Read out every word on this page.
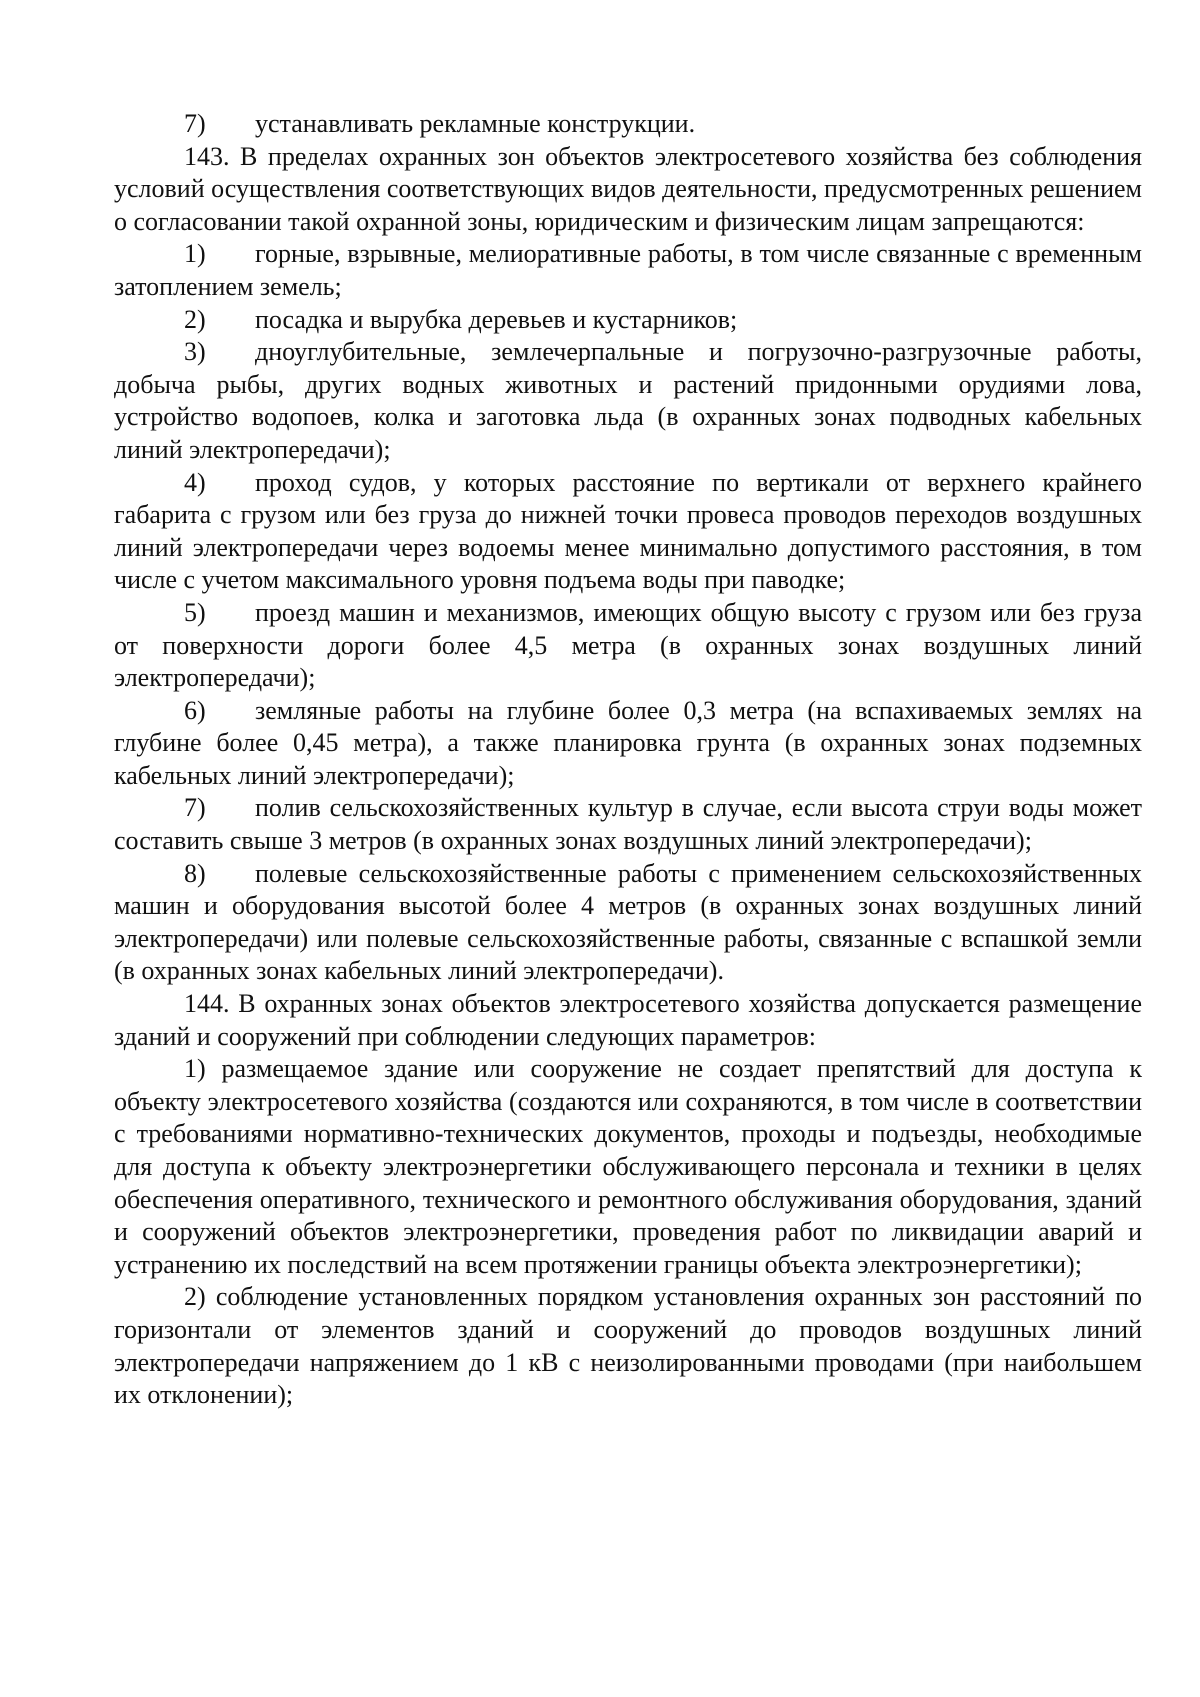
7) устанавливать рекламные конструкции.

143. В пределах охранных зон объектов электросетевого хозяйства без соблюдения условий осуществления соответствующих видов деятельности, предусмотренных решением о согласовании такой охранной зоны, юридическим и физическим лицам запрещаются:

1) горные, взрывные, мелиоративные работы, в том числе связанные с временным затоплением земель;

2) посадка и вырубка деревьев и кустарников;

3) дноуглубительные, землечерпальные и погрузочно-разгрузочные работы, добыча рыбы, других водных животных и растений придонными орудиями лова, устройство водопоев, колка и заготовка льда (в охранных зонах подводных кабельных линий электропередачи);

4) проход судов, у которых расстояние по вертикали от верхнего крайнего габарита с грузом или без груза до нижней точки провеса проводов переходов воздушных линий электропередачи через водоемы менее минимально допустимого расстояния, в том числе с учетом максимального уровня подъема воды при паводке;

5) проезд машин и механизмов, имеющих общую высоту с грузом или без груза от поверхности дороги более 4,5 метра (в охранных зонах воздушных линий электропередачи);

6) земляные работы на глубине более 0,3 метра (на вспахиваемых землях на глубине более 0,45 метра), а также планировка грунта (в охранных зонах подземных кабельных линий электропередачи);

7) полив сельскохозяйственных культур в случае, если высота струи воды может составить свыше 3 метров (в охранных зонах воздушных линий электропередачи);

8) полевые сельскохозяйственные работы с применением сельскохозяйственных машин и оборудования высотой более 4 метров (в охранных зонах воздушных линий электропередачи) или полевые сельскохозяйственные работы, связанные с вспашкой земли (в охранных зонах кабельных линий электропередачи).

144. В охранных зонах объектов электросетевого хозяйства допускается размещение зданий и сооружений при соблюдении следующих параметров:

1) размещаемое здание или сооружение не создает препятствий для доступа к объекту электросетевого хозяйства (создаются или сохраняются, в том числе в соответствии с требованиями нормативно-технических документов, проходы и подъезды, необходимые для доступа к объекту электроэнергетики обслуживающего персонала и техники в целях обеспечения оперативного, технического и ремонтного обслуживания оборудования, зданий и сооружений объектов электроэнергетики, проведения работ по ликвидации аварий и устранению их последствий на всем протяжении границы объекта электроэнергетики);

2) соблюдение установленных порядком установления охранных зон расстояний по горизонтали от элементов зданий и сооружений до проводов воздушных линий электропередачи напряжением до 1 кВ с неизолированными проводами (при наибольшем их отклонении);
